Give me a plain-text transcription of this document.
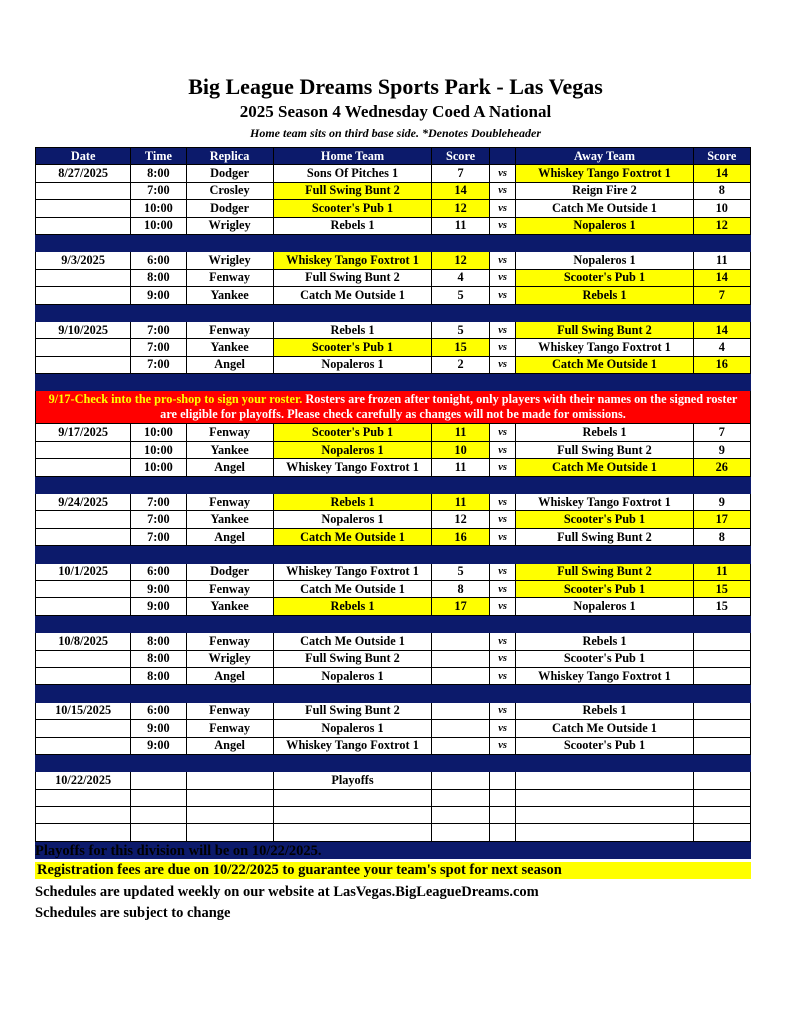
Big League Dreams Sports Park - Las Vegas
2025 Season 4 Wednesday Coed A National
Home team sits on third base side. *Denotes Doubleheader
Date	Time	Replica	Home Team	Score		Away Team	Score
8/27/2025	8:00	Dodger	Sons Of Pitches 1	7	vs	Whiskey Tango Foxtrot 1	14
	7:00	Crosley	Full Swing Bunt 2	14	vs	Reign Fire 2	8
	10:00	Dodger	Scooter's Pub 1	12	vs	Catch Me Outside 1	10
	10:00	Wrigley	Rebels 1	11	vs	Nopaleros 1	12

9/3/2025	6:00	Wrigley	Whiskey Tango Foxtrot 1	12	vs	Nopaleros 1	11
	8:00	Fenway	Full Swing Bunt 2	4	vs	Scooter's Pub 1	14
	9:00	Yankee	Catch Me Outside 1	5	vs	Rebels 1	7

9/10/2025	7:00	Fenway	Rebels 1	5	vs	Full Swing Bunt 2	14
	7:00	Yankee	Scooter's Pub 1	15	vs	Whiskey Tango Foxtrot 1	4
	7:00	Angel	Nopaleros 1	2	vs	Catch Me Outside 1	16

9/17-Check into the pro-shop to sign your roster. Rosters are frozen after tonight, only players with their names on the signed roster are eligible for playoffs. Please check carefully as changes will not be made for omissions.							
9/17/2025	10:00	Fenway	Scooter's Pub 1	11	vs	Rebels 1	7
	10:00	Yankee	Nopaleros 1	10	vs	Full Swing Bunt 2	9
	10:00	Angel	Whiskey Tango Foxtrot 1	11	vs	Catch Me Outside 1	26

9/24/2025	7:00	Fenway	Rebels 1	11	vs	Whiskey Tango Foxtrot 1	9
	7:00	Yankee	Nopaleros 1	12	vs	Scooter's Pub 1	17
	7:00	Angel	Catch Me Outside 1	16	vs	Full Swing Bunt 2	8

10/1/2025	6:00	Dodger	Whiskey Tango Foxtrot 1	5	vs	Full Swing Bunt 2	11
	9:00	Fenway	Catch Me Outside 1	8	vs	Scooter's Pub 1	15
	9:00	Yankee	Rebels 1	17	vs	Nopaleros 1	15

10/8/2025	8:00	Fenway	Catch Me Outside 1		vs	Rebels 1	
	8:00	Wrigley	Full Swing Bunt 2		vs	Scooter's Pub 1	
	8:00	Angel	Nopaleros 1		vs	Whiskey Tango Foxtrot 1	

10/15/2025	6:00	Fenway	Full Swing Bunt 2		vs	Rebels 1	
	9:00	Fenway	Nopaleros 1		vs	Catch Me Outside 1	
	9:00	Angel	Whiskey Tango Foxtrot 1		vs	Scooter's Pub 1	

10/22/2025			Playoffs				

Playoffs for this division will be on 10/22/2025.
Registration fees are due on 10/22/2025 to guarantee your team's spot for next season
Schedules are updated weekly on our website at LasVegas.BigLeagueDreams.com
Schedules are subject to change
